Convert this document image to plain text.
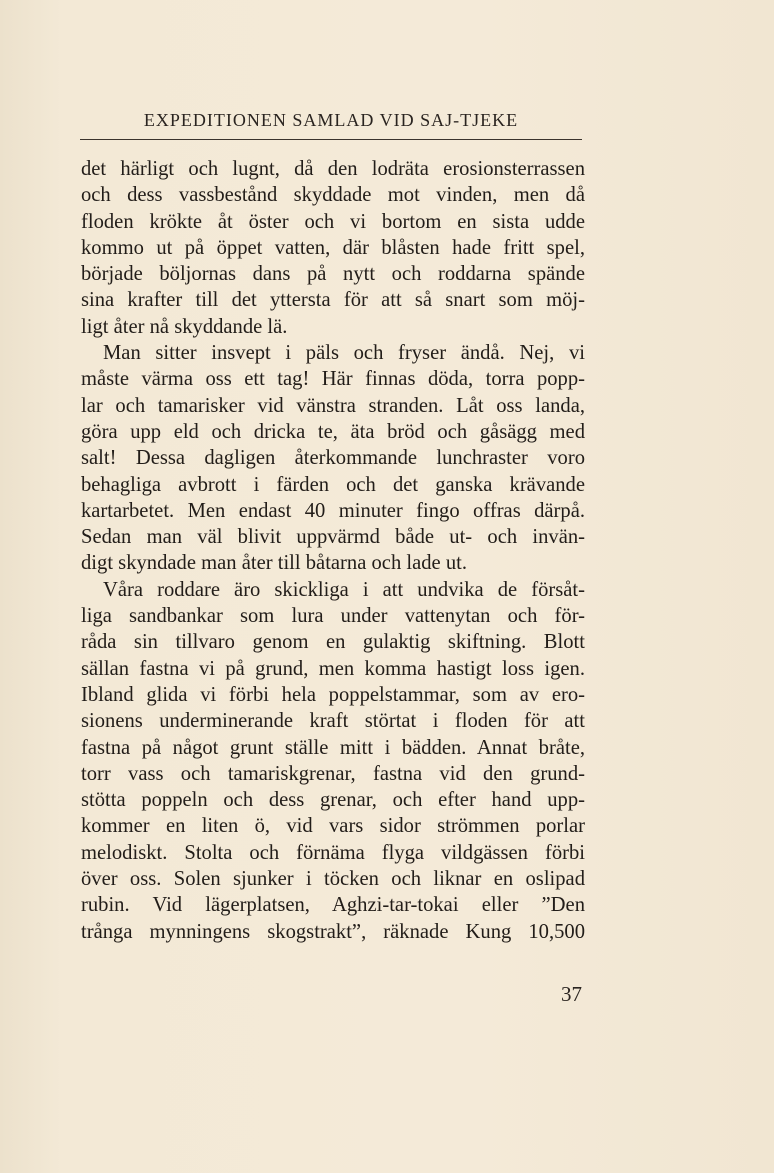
EXPEDITIONEN SAMLAD VID SAJ-TJEKE
det härligt och lugnt, då den lodräta erosionsterrassen
och dess vassbestånd skyddade mot vinden, men då
floden krökte åt öster och vi bortom en sista udde
kommo ut på öppet vatten, där blåsten hade fritt spel,
började böljornas dans på nytt och roddarna spände
sina krafter till det yttersta för att så snart som möj-
ligt åter nå skyddande lä.
Man sitter insvept i päls och fryser ändå. Nej, vi
måste värma oss ett tag! Här finnas döda, torra popp-
lar och tamarisker vid vänstra stranden. Låt oss landa,
göra upp eld och dricka te, äta bröd och gåsägg med
salt! Dessa dagligen återkommande lunchraster voro
behagliga avbrott i färden och det ganska krävande
kartarbetet. Men endast 40 minuter fingo offras därpå.
Sedan man väl blivit uppvärmd både ut- och invän-
digt skyndade man åter till båtarna och lade ut.
Våra roddare äro skickliga i att undvika de försåt-
liga sandbankar som lura under vattenytan och för-
råda sin tillvaro genom en gulaktig skiftning. Blott
sällan fastna vi på grund, men komma hastigt loss igen.
Ibland glida vi förbi hela poppelstammar, som av ero-
sionens underminerande kraft störtat i floden för att
fastna på något grunt ställe mitt i bädden. Annat bråte,
torr vass och tamariskgrenar, fastna vid den grund-
stötta poppeln och dess grenar, och efter hand upp-
kommer en liten ö, vid vars sidor strömmen porlar
melodiskt. Stolta och förnäma flyga vildgässen förbi
över oss. Solen sjunker i töcken och liknar en oslipad
rubin. Vid lägerplatsen, Aghzi-tar-tokai eller ”Den
trånga mynningens skogstrakt”, räknade Kung 10,500
37
